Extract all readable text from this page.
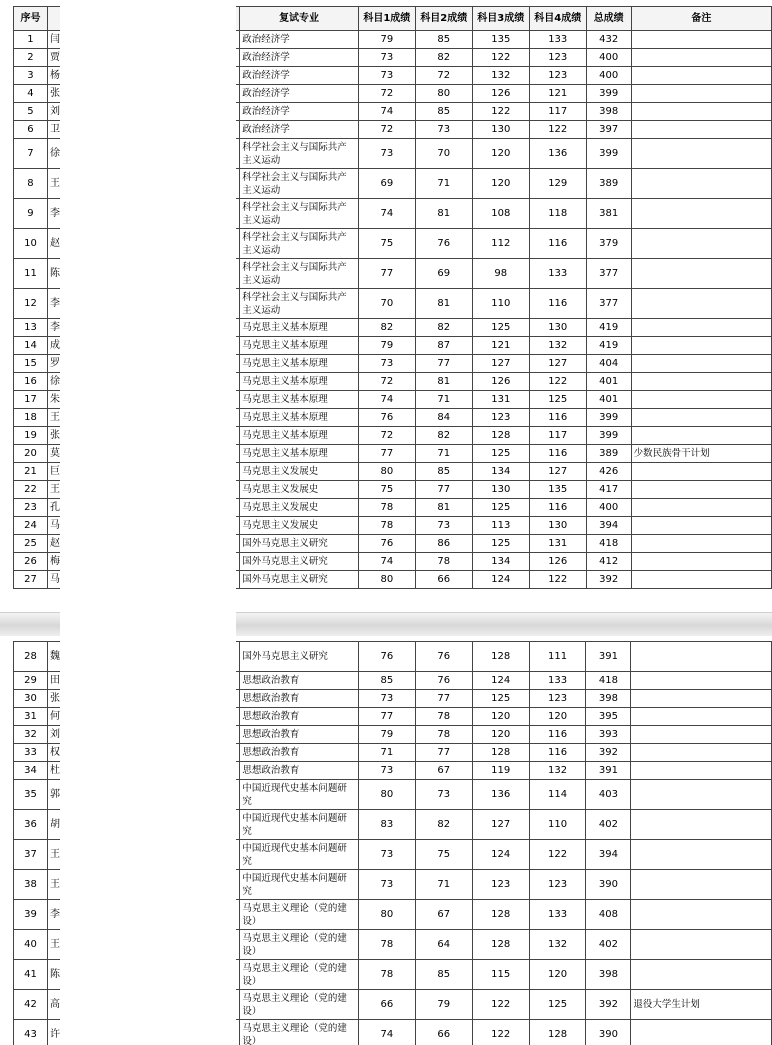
序号			复试专业	科目1成绩	科目2成绩	科目3成绩	科目4成绩	总成绩	备注
1	闫		政治经济学	79	85	135	133	432	
2	贾		政治经济学	73	82	122	123	400	
3	杨		政治经济学	73	72	132	123	400	
4	张		政治经济学	72	80	126	121	399	
5	刘		政治经济学	74	85	122	117	398	
6	卫		政治经济学	72	73	130	122	397	
7	徐		科学社会主义与国际共产主义运动	73	70	120	136	399	
8	王		科学社会主义与国际共产主义运动	69	71	120	129	389	
9	李		科学社会主义与国际共产主义运动	74	81	108	118	381	
10	赵		科学社会主义与国际共产主义运动	75	76	112	116	379	
11	陈		科学社会主义与国际共产主义运动	77	69	98	133	377	
12	李		科学社会主义与国际共产主义运动	70	81	110	116	377	
13	李		马克思主义基本原理	82	82	125	130	419	
14	成		马克思主义基本原理	79	87	121	132	419	
15	罗		马克思主义基本原理	73	77	127	127	404	
16	徐		马克思主义基本原理	72	81	126	122	401	
17	朱		马克思主义基本原理	74	71	131	125	401	
18	王		马克思主义基本原理	76	84	123	116	399	
19	张		马克思主义基本原理	72	82	128	117	399	
20	莫		马克思主义基本原理	77	71	125	116	389	少数民族骨干计划
21	巨		马克思主义发展史	80	85	134	127	426	
22	王		马克思主义发展史	75	77	130	135	417	
23	孔		马克思主义发展史	78	81	125	116	400	
24	马		马克思主义发展史	78	73	113	130	394	
25	赵		国外马克思主义研究	76	86	125	131	418	
26	梅		国外马克思主义研究	74	78	134	126	412	
27	马		国外马克思主义研究	80	66	124	122	392	
28	魏		国外马克思主义研究	76	76	128	111	391	
29	田		思想政治教育	85	76	124	133	418	
30	张		思想政治教育	73	77	125	123	398	
31	何		思想政治教育	77	78	120	120	395	
32	刘		思想政治教育	79	78	120	116	393	
33	权		思想政治教育	71	77	128	116	392	
34	杜		思想政治教育	73	67	119	132	391	
35	郭		中国近现代史基本问题研究	80	73	136	114	403	
36	胡		中国近现代史基本问题研究	83	82	127	110	402	
37	王		中国近现代史基本问题研究	73	75	124	122	394	
38	王		中国近现代史基本问题研究	73	71	123	123	390	
39	李		马克思主义理论（党的建设）	80	67	128	133	408	
40	王		马克思主义理论（党的建设）	78	64	128	132	402	
41	陈		马克思主义理论（党的建设）	78	85	115	120	398	
42	高		马克思主义理论（党的建设）	66	79	122	125	392	退役大学生计划
43	许		马克思主义理论（党的建设）	74	66	122	128	390	
